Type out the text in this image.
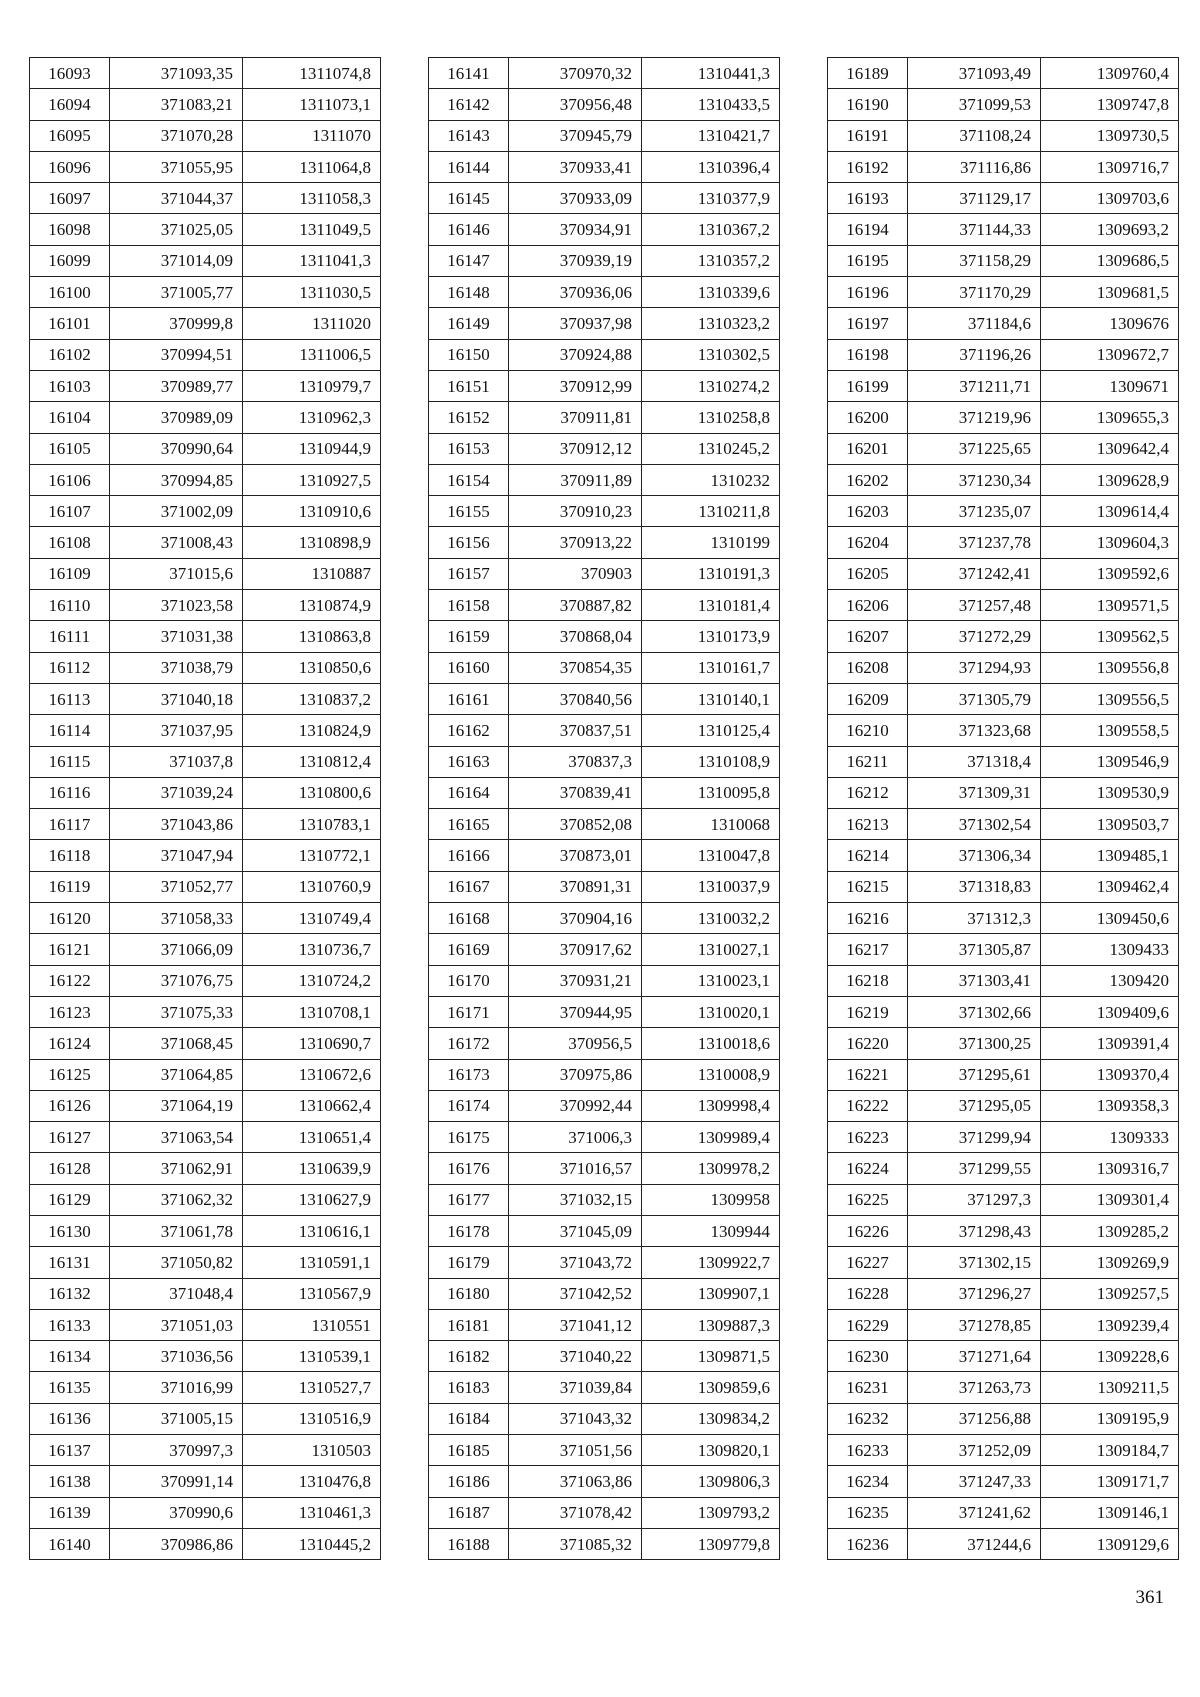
16093	371093,35	1311074,8
16094	371083,21	1311073,1
16095	371070,28	1311070
16096	371055,95	1311064,8
16097	371044,37	1311058,3
16098	371025,05	1311049,5
16099	371014,09	1311041,3
16100	371005,77	1311030,5
16101	370999,8	1311020
16102	370994,51	1311006,5
16103	370989,77	1310979,7
16104	370989,09	1310962,3
16105	370990,64	1310944,9
16106	370994,85	1310927,5
16107	371002,09	1310910,6
16108	371008,43	1310898,9
16109	371015,6	1310887
16110	371023,58	1310874,9
16111	371031,38	1310863,8
16112	371038,79	1310850,6
16113	371040,18	1310837,2
16114	371037,95	1310824,9
16115	371037,8	1310812,4
16116	371039,24	1310800,6
16117	371043,86	1310783,1
16118	371047,94	1310772,1
16119	371052,77	1310760,9
16120	371058,33	1310749,4
16121	371066,09	1310736,7
16122	371076,75	1310724,2
16123	371075,33	1310708,1
16124	371068,45	1310690,7
16125	371064,85	1310672,6
16126	371064,19	1310662,4
16127	371063,54	1310651,4
16128	371062,91	1310639,9
16129	371062,32	1310627,9
16130	371061,78	1310616,1
16131	371050,82	1310591,1
16132	371048,4	1310567,9
16133	371051,03	1310551
16134	371036,56	1310539,1
16135	371016,99	1310527,7
16136	371005,15	1310516,9
16137	370997,3	1310503
16138	370991,14	1310476,8
16139	370990,6	1310461,3
16140	370986,86	1310445,2
16141	370970,32	1310441,3
16142	370956,48	1310433,5
16143	370945,79	1310421,7
16144	370933,41	1310396,4
16145	370933,09	1310377,9
16146	370934,91	1310367,2
16147	370939,19	1310357,2
16148	370936,06	1310339,6
16149	370937,98	1310323,2
16150	370924,88	1310302,5
16151	370912,99	1310274,2
16152	370911,81	1310258,8
16153	370912,12	1310245,2
16154	370911,89	1310232
16155	370910,23	1310211,8
16156	370913,22	1310199
16157	370903	1310191,3
16158	370887,82	1310181,4
16159	370868,04	1310173,9
16160	370854,35	1310161,7
16161	370840,56	1310140,1
16162	370837,51	1310125,4
16163	370837,3	1310108,9
16164	370839,41	1310095,8
16165	370852,08	1310068
16166	370873,01	1310047,8
16167	370891,31	1310037,9
16168	370904,16	1310032,2
16169	370917,62	1310027,1
16170	370931,21	1310023,1
16171	370944,95	1310020,1
16172	370956,5	1310018,6
16173	370975,86	1310008,9
16174	370992,44	1309998,4
16175	371006,3	1309989,4
16176	371016,57	1309978,2
16177	371032,15	1309958
16178	371045,09	1309944
16179	371043,72	1309922,7
16180	371042,52	1309907,1
16181	371041,12	1309887,3
16182	371040,22	1309871,5
16183	371039,84	1309859,6
16184	371043,32	1309834,2
16185	371051,56	1309820,1
16186	371063,86	1309806,3
16187	371078,42	1309793,2
16188	371085,32	1309779,8
16189	371093,49	1309760,4
16190	371099,53	1309747,8
16191	371108,24	1309730,5
16192	371116,86	1309716,7
16193	371129,17	1309703,6
16194	371144,33	1309693,2
16195	371158,29	1309686,5
16196	371170,29	1309681,5
16197	371184,6	1309676
16198	371196,26	1309672,7
16199	371211,71	1309671
16200	371219,96	1309655,3
16201	371225,65	1309642,4
16202	371230,34	1309628,9
16203	371235,07	1309614,4
16204	371237,78	1309604,3
16205	371242,41	1309592,6
16206	371257,48	1309571,5
16207	371272,29	1309562,5
16208	371294,93	1309556,8
16209	371305,79	1309556,5
16210	371323,68	1309558,5
16211	371318,4	1309546,9
16212	371309,31	1309530,9
16213	371302,54	1309503,7
16214	371306,34	1309485,1
16215	371318,83	1309462,4
16216	371312,3	1309450,6
16217	371305,87	1309433
16218	371303,41	1309420
16219	371302,66	1309409,6
16220	371300,25	1309391,4
16221	371295,61	1309370,4
16222	371295,05	1309358,3
16223	371299,94	1309333
16224	371299,55	1309316,7
16225	371297,3	1309301,4
16226	371298,43	1309285,2
16227	371302,15	1309269,9
16228	371296,27	1309257,5
16229	371278,85	1309239,4
16230	371271,64	1309228,6
16231	371263,73	1309211,5
16232	371256,88	1309195,9
16233	371252,09	1309184,7
16234	371247,33	1309171,7
16235	371241,62	1309146,1
16236	371244,6	1309129,6
361
